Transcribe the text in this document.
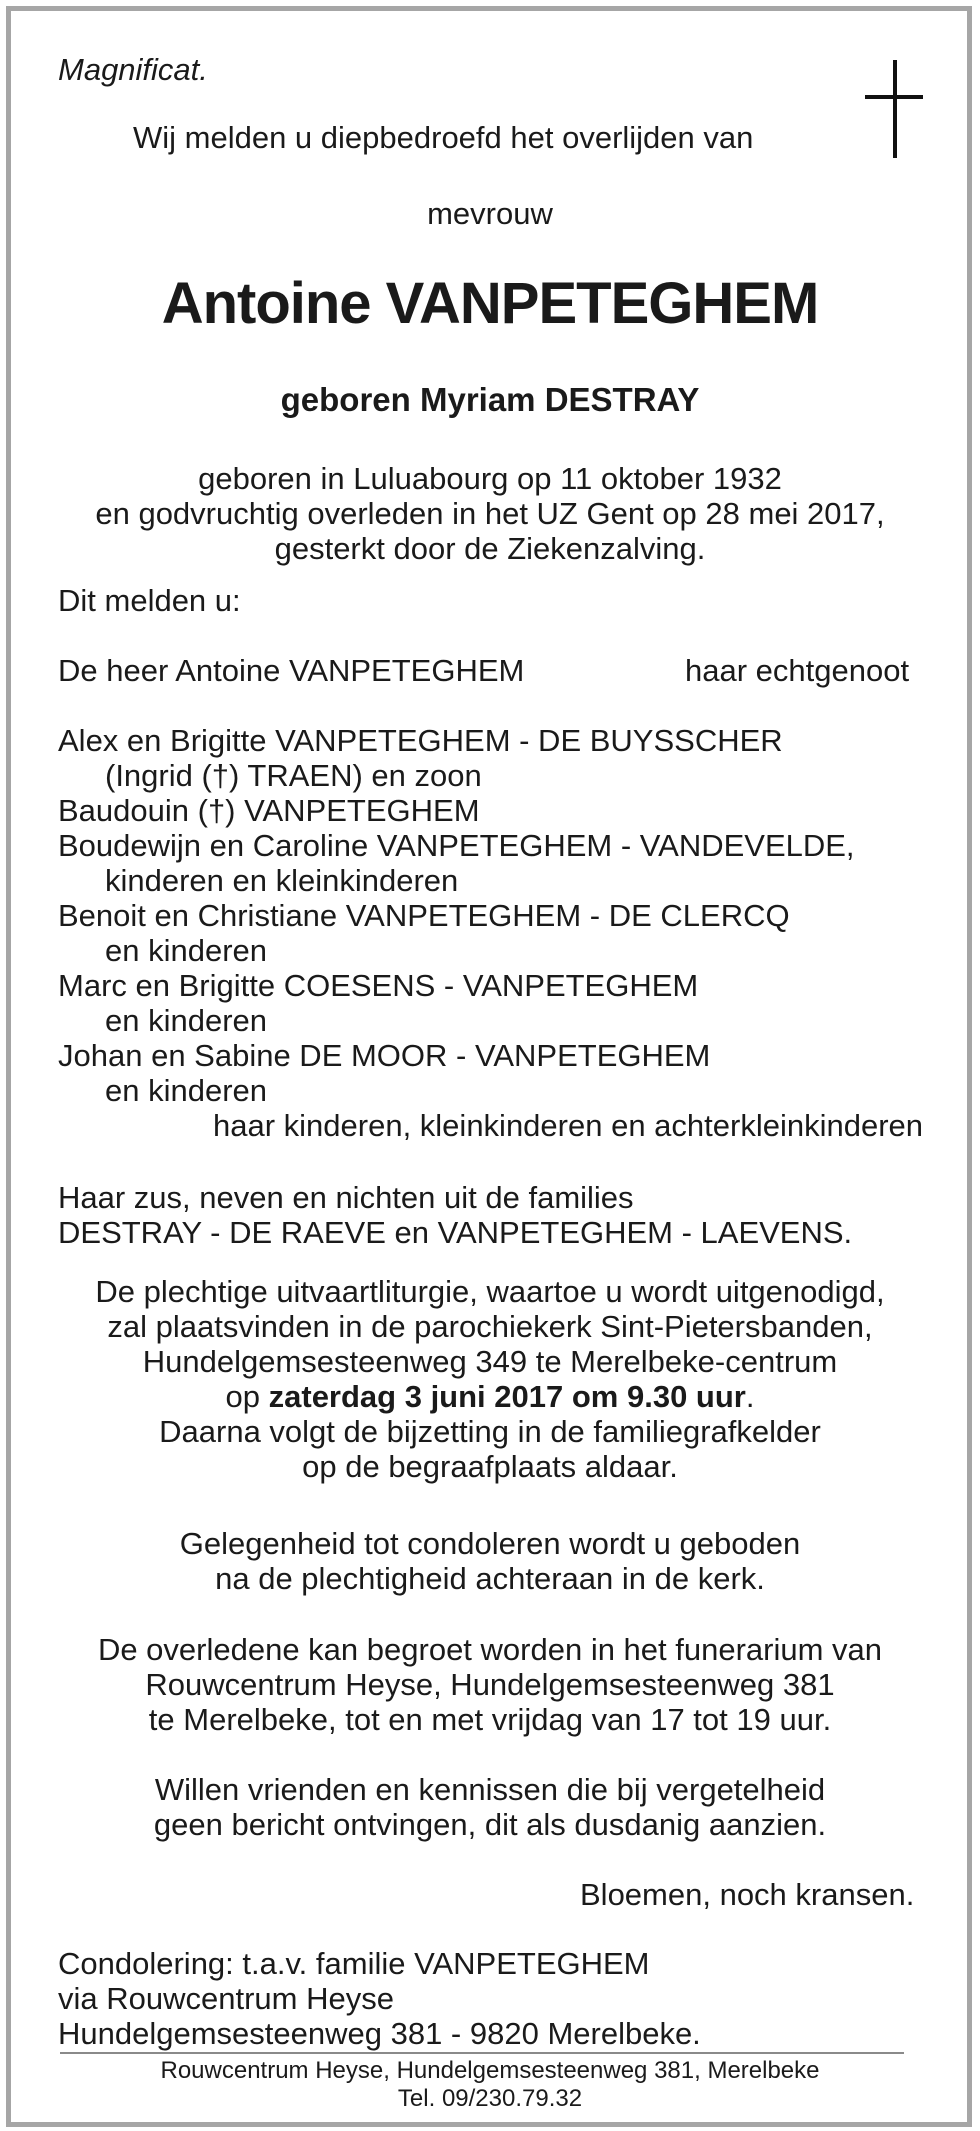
Magnificat.
Wij melden u diepbedroefd het overlijden van
mevrouw
Antoine VANPETEGHEM
geboren Myriam DESTRAY
geboren in Luluabourg op 11 oktober 1932
en godvruchtig overleden in het UZ Gent op 28 mei 2017,
gesterkt door de Ziekenzalving.
Dit melden u:
De heer Antoine VANPETEGHEM	haar echtgenoot
Alex en Brigitte VANPETEGHEM - DE BUYSSCHER
(Ingrid (†) TRAEN) en zoon
Baudouin (†) VANPETEGHEM
Boudewijn en Caroline VANPETEGHEM - VANDEVELDE,
kinderen en kleinkinderen
Benoit en Christiane VANPETEGHEM - DE CLERCQ
en kinderen
Marc en Brigitte COESENS - VANPETEGHEM
en kinderen
Johan en Sabine DE MOOR - VANPETEGHEM
en kinderen
haar kinderen, kleinkinderen en achterkleinkinderen
Haar zus, neven en nichten uit de families
DESTRAY - DE RAEVE en VANPETEGHEM - LAEVENS.
De plechtige uitvaartliturgie, waartoe u wordt uitgenodigd,
zal plaatsvinden in de parochiekerk Sint-Pietersbanden,
Hundelgemsesteenweg 349 te Merelbeke-centrum
op zaterdag 3 juni 2017 om 9.30 uur.
Daarna volgt de bijzetting in de familiegrafkelder
op de begraafplaats aldaar.
Gelegenheid tot condoleren wordt u geboden
na de plechtigheid achteraan in de kerk.
De overledene kan begroet worden in het funerarium van
Rouwcentrum Heyse, Hundelgemsesteenweg 381
te Merelbeke, tot en met vrijdag van 17 tot 19 uur.
Willen vrienden en kennissen die bij vergetelheid
geen bericht ontvingen, dit als dusdanig aanzien.
Bloemen, noch kransen.
Condolering: t.a.v. familie VANPETEGHEM
via Rouwcentrum Heyse
Hundelgemsesteenweg 381 - 9820 Merelbeke.
Rouwcentrum Heyse, Hundelgemsesteenweg 381, Merelbeke
Tel. 09/230.79.32
